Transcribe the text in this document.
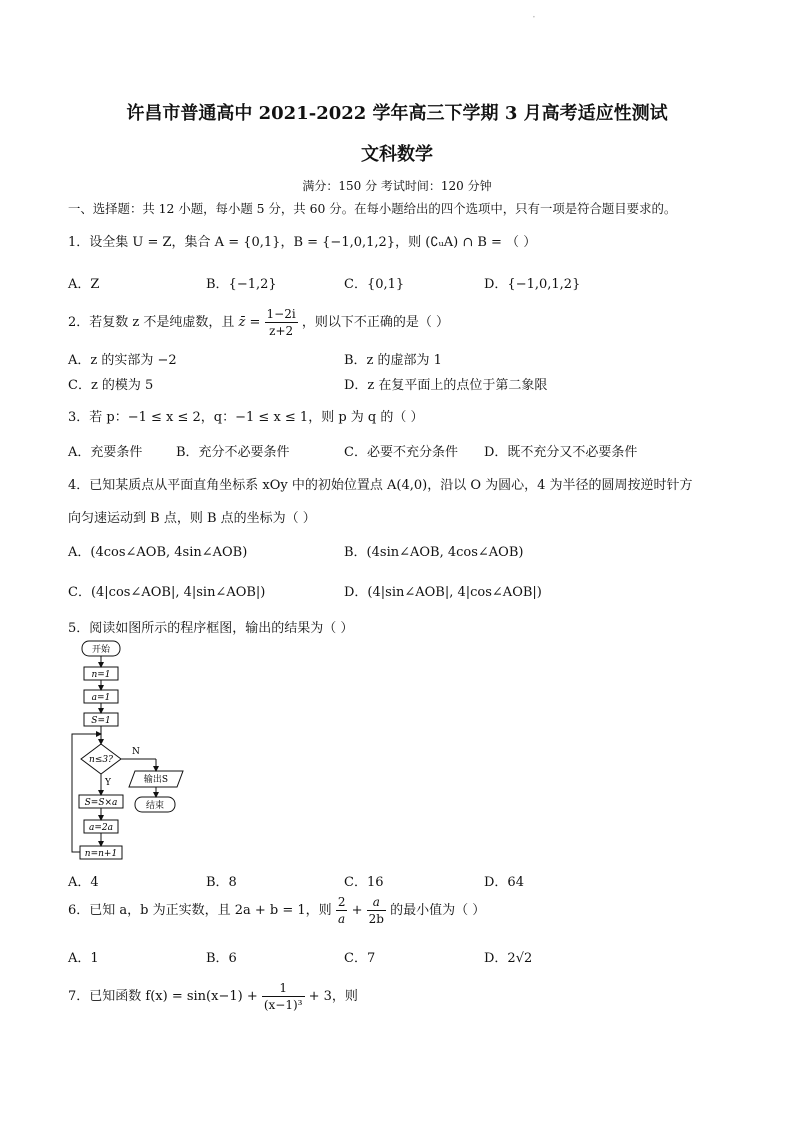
·
许昌市普通高中 2021-2022 学年高三下学期 3 月高考适应性测试
文科数学
满分：150 分 考试时间：120 分钟
一、选择题：共 12 小题，每小题 5 分，共 60 分。在每小题给出的四个选项中，只有一项是符合题目要求的。
1．设全集 U = Z，集合 A = {0,1}，B = {−1,0,1,2}，则 (∁ᵤA) ∩ B = （ ）
A．Z	B．{−1,2}	C．{0,1}	D．{−1,0,1,2}
2．若复数 z 不是纯虚数，且 z̄ = $\frac{1-2i}{z+2}$ ，则以下不正确的是（ ）
A．z 的实部为 −2	B．z 的虚部为 1
C．z 的模为 5	D．z 在复平面上的点位于第二象限
3．若 p：−1 ≤ x ≤ 2，q：−1 ≤ x ≤ 1，则 p 为 q 的（ ）
A．充要条件	B．充分不必要条件	C．必要不充分条件 D．既不充分又不必要条件
4．已知某质点从平面直角坐标系 xOy 中的初始位置点 A(4,0)，沿以 O 为圆心，4 为半径的圆周按逆时针方
向匀速运动到 B 点，则 B 点的坐标为（ ）
A．(4cos∠AOB, 4sin∠AOB)	B．(4sin∠AOB, 4cos∠AOB)
C．(4|cos∠AOB|, 4|sin∠AOB|)	D．(4|sin∠AOB|, 4|cos∠AOB|)
5．阅读如图所示的程序框图，输出的结果为（ ）
开始
n=1
a=1
S=1
n≤3?
N
Y	输出S
结束
S=S×a
a=2a
n=n+1
A．4	B．8	C．16	D．64
6．已知 a，b 为正实数，且 2a + b = 1，则 $\frac{2}{a} + \frac{a}{2b}$ 的最小值为（ ）
A．1	B．6	C．7	D．2√2
7．已知函数 $f(x) = \sin(x-1) + \frac{1}{\text{(x−1)³}} + 3$，则
